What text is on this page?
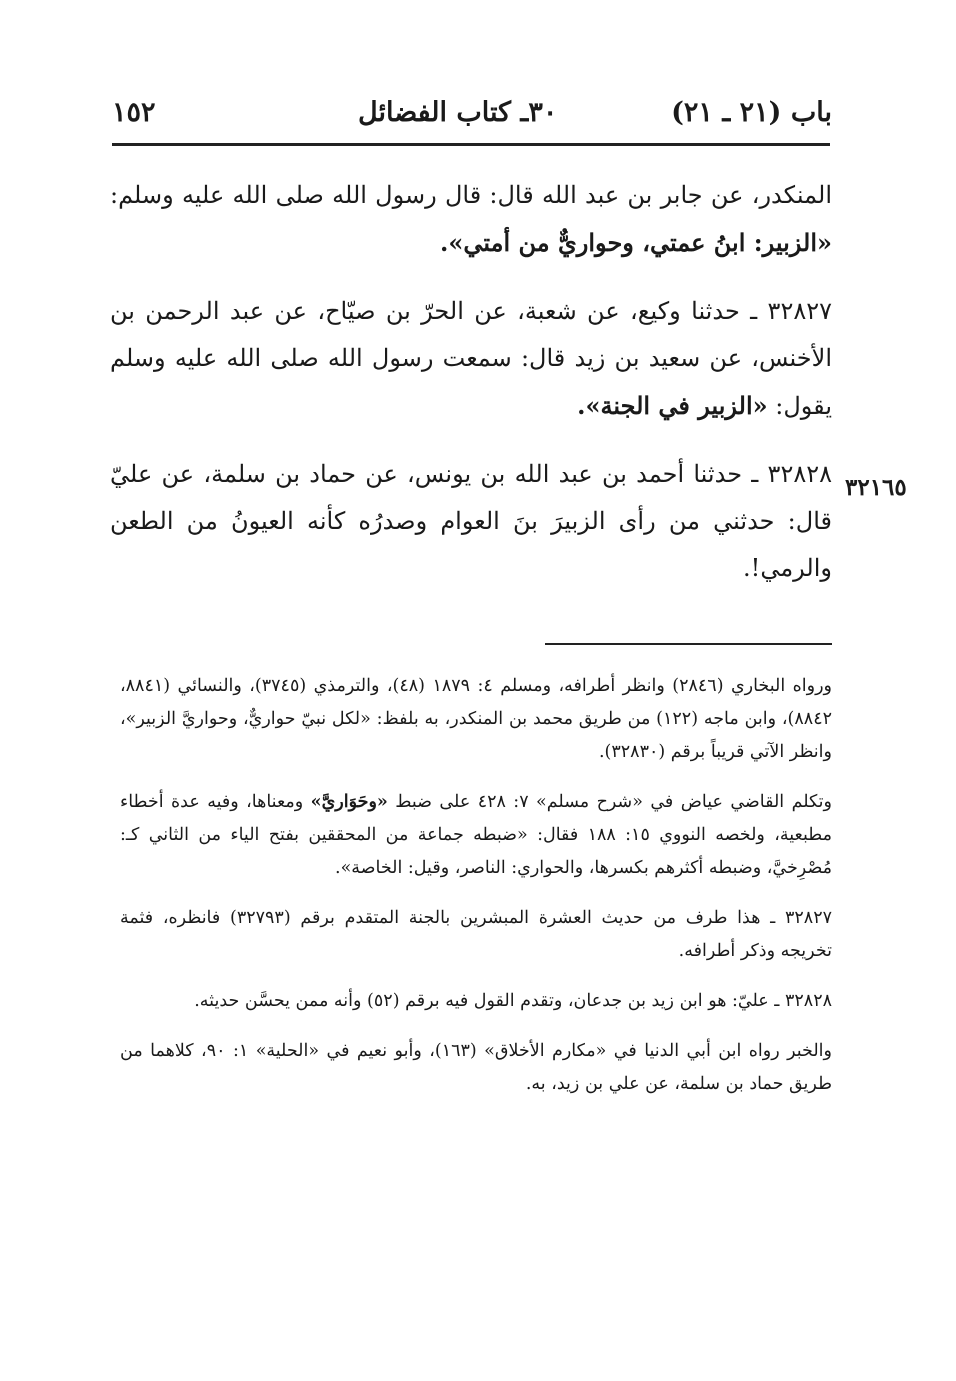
١٥٢	٣٠ـ كتاب الفضائل	باب (٢١ ـ ٢١)

المنكدر، عن جابر بن عبد الله قال: قال رسول الله صلى الله عليه وسلم: «الزبير: ابنُ عمتي، وحواريٌّ من أمتي».

٣٢٨٢٧ ـ حدثنا وكيع، عن شعبة، عن الحرّ بن صيّاح، عن عبد الرحمن بن الأخنس، عن سعيد بن زيد قال: سمعت رسول الله صلى الله عليه وسلم يقول: «الزبير في الجنة».

٣٢٨٢٨ ـ حدثنا أحمد بن عبد الله بن يونس، عن حماد بن سلمة، عن عليّ قال: حدثني من رأى الزبيرَ بنَ العوام وصدرُه كأنه العيونُ من الطعن والرمي!.

٣٢١٦٥

ورواه البخاري (٢٨٤٦) وانظر أطرافه، ومسلم ٤: ١٨٧٩ (٤٨)، والترمذي (٣٧٤٥)، والنسائي (٨٨٤١، ٨٨٤٢)، وابن ماجه (١٢٢) من طريق محمد بن المنكدر، به بلفظ: «لكل نبيّ حواريٌّ، وحواريَّ الزبير»، وانظر الآتي قريباً برقم (٣٢٨٣٠).

وتكلم القاضي عياض في «شرح مسلم» ٧: ٤٢٨ على ضبط «وحَوَاريَّ» ومعناها، وفيه عدة أخطاء مطبعية، ولخصه النووي ١٥: ١٨٨ فقال: «ضبطه جماعة من المحققين بفتح الياء من الثاني كـ: مُصْرِخيَّ، وضبطه أكثرهم بكسرها، والحواري: الناصر، وقيل: الخاصة».

٣٢٨٢٧ ـ هذا طرف من حديث العشرة المبشرين بالجنة المتقدم برقم (٣٢٧٩٣) فانظره، فثمة تخريجه وذكر أطرافه.

٣٢٨٢٨ ـ عليّ: هو ابن زيد بن جدعان، وتقدم القول فيه برقم (٥٢) وأنه ممن يحسَّن حديثه.

والخبر رواه ابن أبي الدنيا في «مكارم الأخلاق» (١٦٣)، وأبو نعيم في «الحلية» ١: ٩٠، كلاهما من طريق حماد بن سلمة، عن علي بن زيد، به.
